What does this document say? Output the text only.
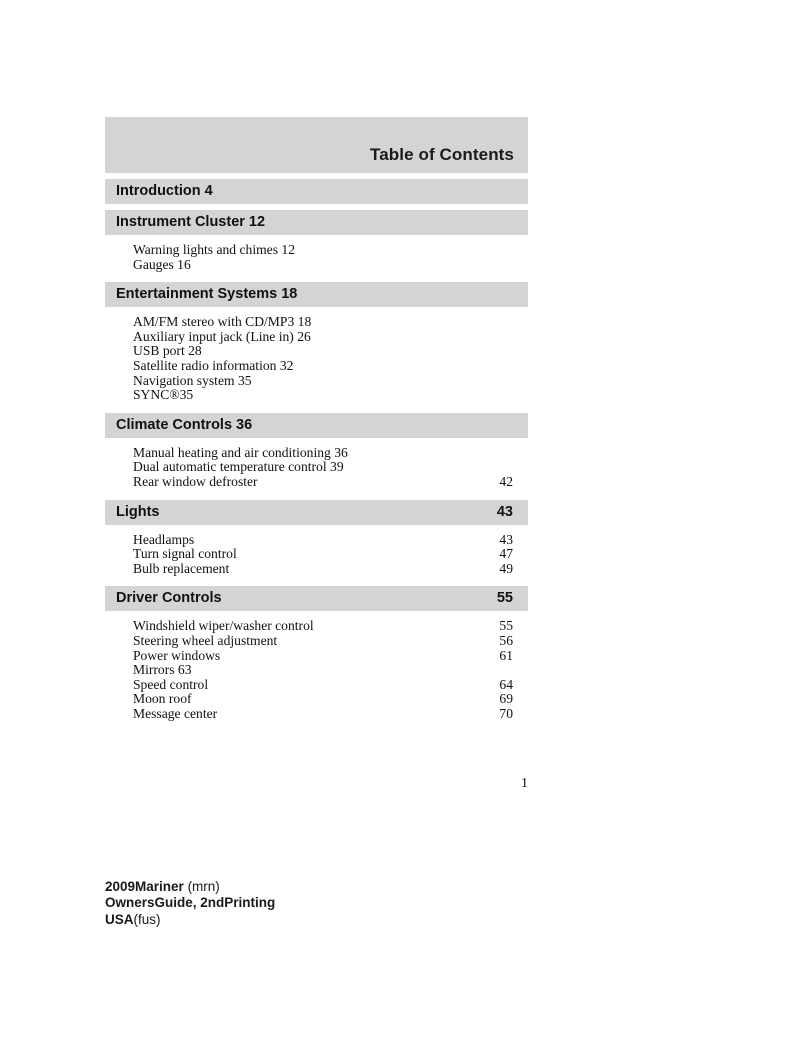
Table of Contents
Introduction 4
Instrument Cluster 12
Warning lights and chimes 12
Gauges 16
Entertainment Systems 18
AM/FM stereo with CD/MP3 18
Auxiliary input jack (Line in) 26
USB port 28
Satellite radio information 32
Navigation system 35
SYNC®35
Climate Controls 36
Manual heating and air conditioning 36
Dual automatic temperature control 39
Rear window defroster	42
Lights	43
Headlamps	43
Turn signal control	47
Bulb replacement	49
Driver Controls	55
Windshield wiper/washer control	55
Steering wheel adjustment	56
Power windows	61
Mirrors 63
Speed control	64
Moon roof	69
Message center	70
1
2009Mariner (mrn)
OwnersGuide, 2ndPrinting
USA(fus)
